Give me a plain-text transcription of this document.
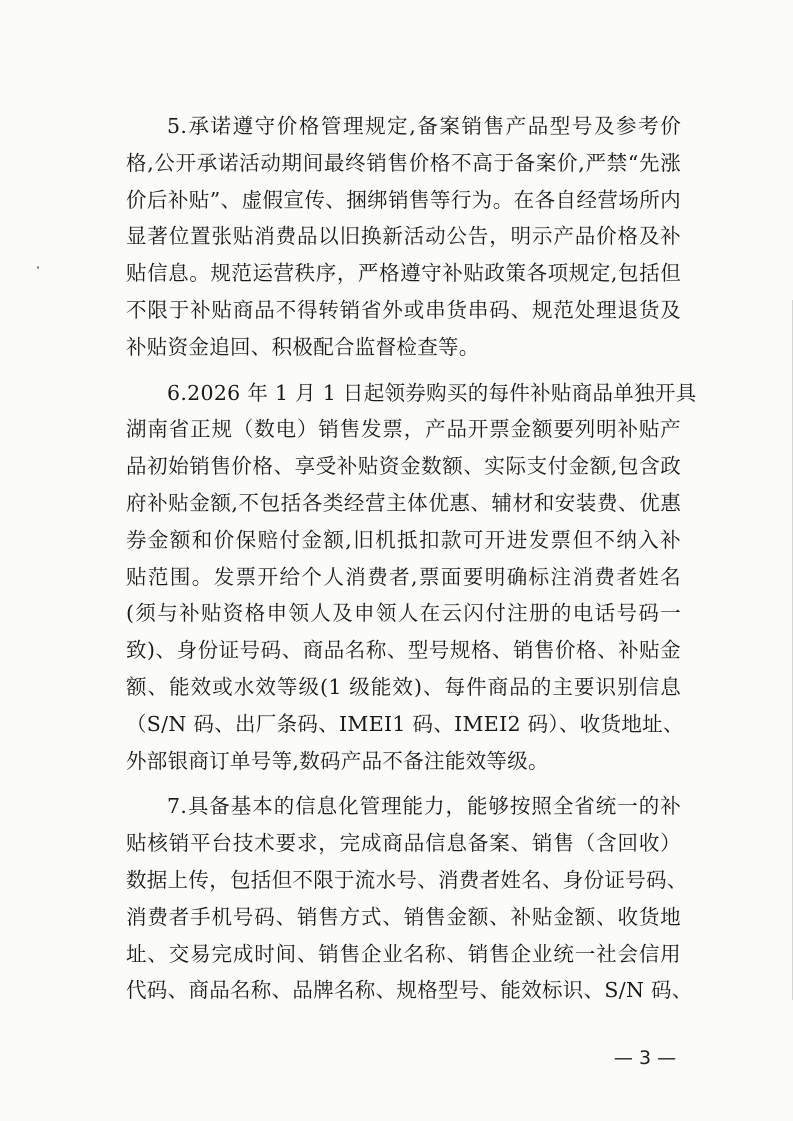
5.承诺遵守价格管理规定,备案销售产品型号及参考价
格,公开承诺活动期间最终销售价格不高于备案价,严禁“先涨
价后补贴”、虚假宣传、捆绑销售等行为。在各自经营场所内
显著位置张贴消费品以旧换新活动公告，明示产品价格及补
贴信息。规范运营秩序，严格遵守补贴政策各项规定,包括但
不限于补贴商品不得转销省外或串货串码、规范处理退货及
补贴资金追回、积极配合监督检查等。

6.2026 年 1 月 1 日起领券购买的每件补贴商品单独开具
湖南省正规（数电）销售发票，产品开票金额要列明补贴产
品初始销售价格、享受补贴资金数额、实际支付金额,包含政
府补贴金额,不包括各类经营主体优惠、辅材和安装费、优惠
券金额和价保赔付金额,旧机抵扣款可开进发票但不纳入补
贴范围。发票开给个人消费者,票面要明确标注消费者姓名
(须与补贴资格申领人及申领人在云闪付注册的电话号码一
致)、身份证号码、商品名称、型号规格、销售价格、补贴金
额、能效或水效等级(1 级能效)、每件商品的主要识别信息
（S/N 码、出厂条码、IMEI1 码、IMEI2 码）、收货地址、
外部银商订单号等,数码产品不备注能效等级。

7.具备基本的信息化管理能力，能够按照全省统一的补
贴核销平台技术要求，完成商品信息备案、销售（含回收）
数据上传，包括但不限于流水号、消费者姓名、身份证号码、
消费者手机号码、销售方式、销售金额、补贴金额、收货地
址、交易完成时间、销售企业名称、销售企业统一社会信用
代码、商品名称、品牌名称、规格型号、能效标识、S/N 码、

— 3 —
